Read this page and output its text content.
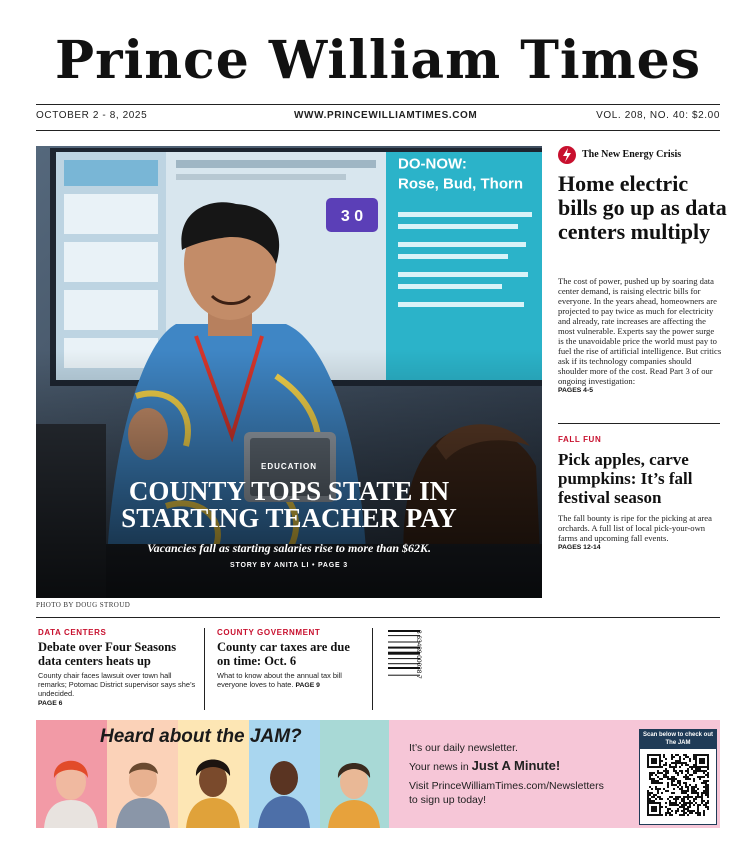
Prince William Times
OCTOBER 2 - 8, 2025	WWW.PRINCEWILLIAMTIMES.COM	VOL. 208, NO. 40: $2.00
EDUCATION
COUNTY TOPS STATE IN
STARTING TEACHER PAY
Vacancies fall as starting salaries rise to more than $62K.
STORY BY ANITA LI • PAGE 3
PHOTO BY DOUG STROUD
The New Energy Crisis
Home electric bills go up as data centers multiply
The cost of power, pushed up by soaring data center demand, is raising electric bills for everyone. In the years ahead, homeowners are projected to pay twice as much for electricity and already, rate increases are affecting the most vulnerable. Experts say the power surge is the unavoidable price the world must pay to fuel the rise of artificial intelligence. But critics ask if its technology companies should shoulder more of the cost. Read Part 3 of our ongoing investigation:
PAGES 4-5
FALL FUN
Pick apples, carve pumpkins: It’s fall festival season
The fall bounty is ripe for the picking at area orchards. A full list of local pick-your-own farms and upcoming fall events.
PAGES 12-14
DATA CENTERS
Debate over Four Seasons data centers heats up
County chair faces lawsuit over town hall remarks; Potomac District supervisor says she’s undecided.
PAGE 6
COUNTY GOVERNMENT
County car taxes are due on time: Oct. 6
What to know about the annual tax bill everyone loves to hate. PAGE 9
8 63489 00038 7
Heard about the JAM?
It’s our daily newsletter.
Your news in Just A Minute!
Visit PrinceWilliamTimes.com/Newsletters
to sign up today!
Scan below to check out The JAM
